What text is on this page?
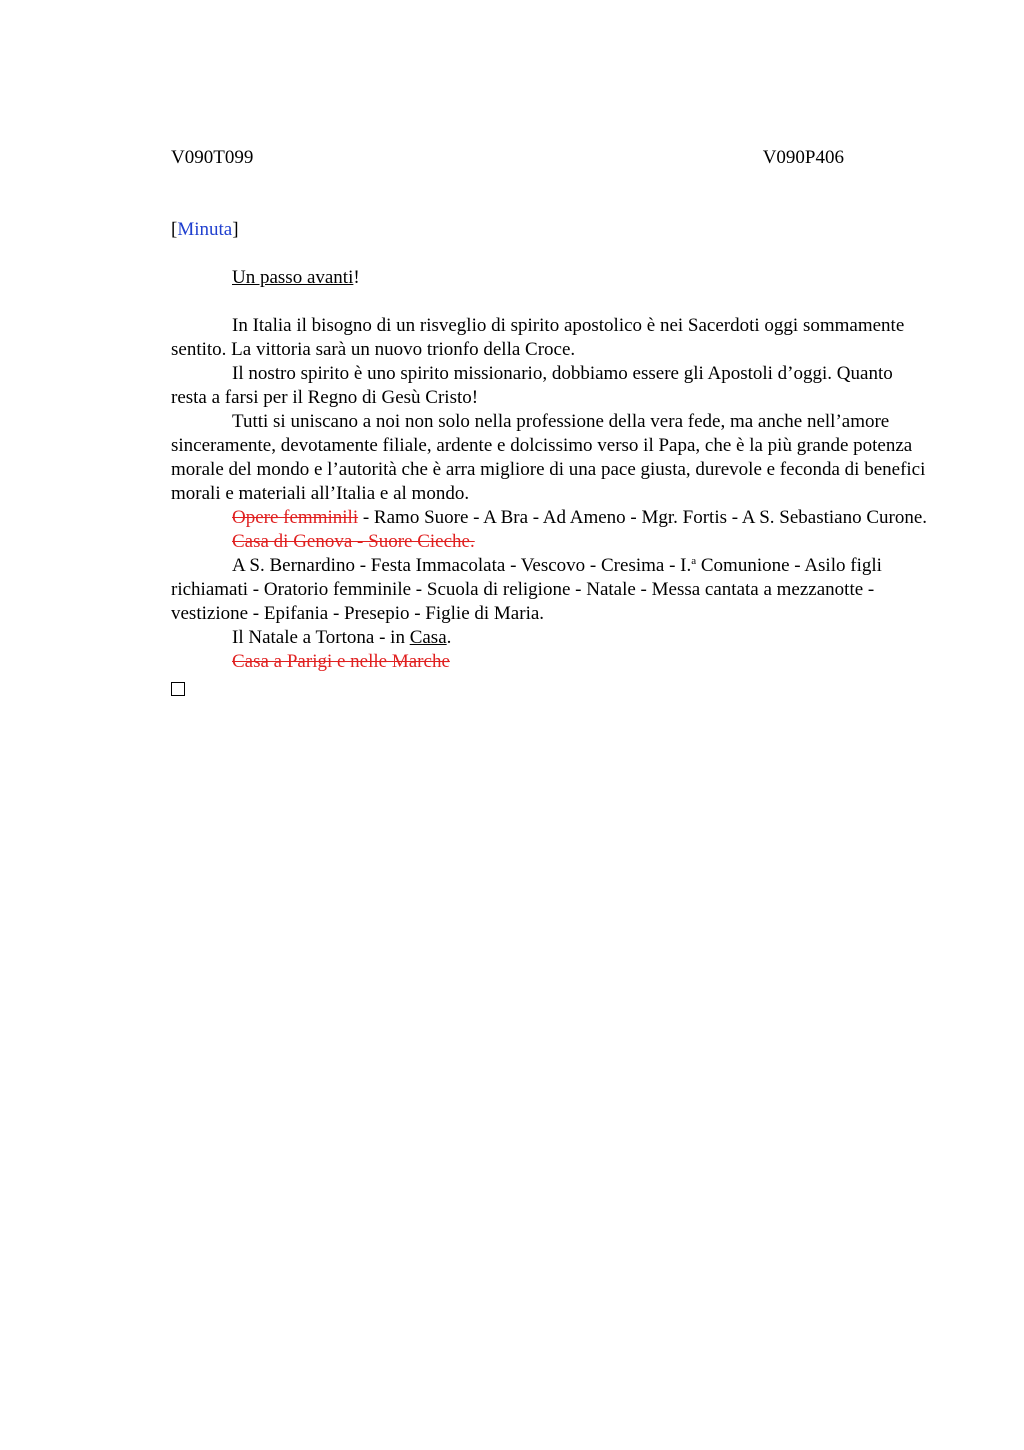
V090T099	V090P406
[Minuta]
Un passo avanti!

In Italia il bisogno di un risveglio di spirito apostolico è nei Sacerdoti oggi sommamente sentito. La vittoria sarà un nuovo trionfo della Croce.

Il nostro spirito è uno spirito missionario, dobbiamo essere gli Apostoli d’oggi. Quanto resta a farsi per il Regno di Gesù Cristo!

Tutti si uniscano a noi non solo nella professione della vera fede, ma anche nell’amore sinceramente, devotamente filiale, ardente e dolcissimo verso il Papa, che è la più grande potenza morale del mondo e l’autorità che è arra migliore di una pace giusta, durevole e feconda di benefici morali e materiali all’Italia e al mondo.

Opere femminili - Ramo Suore - A Bra - Ad Ameno - Mgr. Fortis - A S. Sebastiano Curone.

Casa di Genova - Suore Cieche.

A S. Bernardino - Festa Immacolata - Vescovo - Cresima - I.$^a$ Comunione - Asilo figli richiamati - Oratorio femminile - Scuola di religione - Natale - Messa cantata a mezzanotte - vestizione - Epifania - Presepio - Figlie di Maria.

Il Natale a Tortona - in Casa.

Casa a Parigi e nelle Marche
